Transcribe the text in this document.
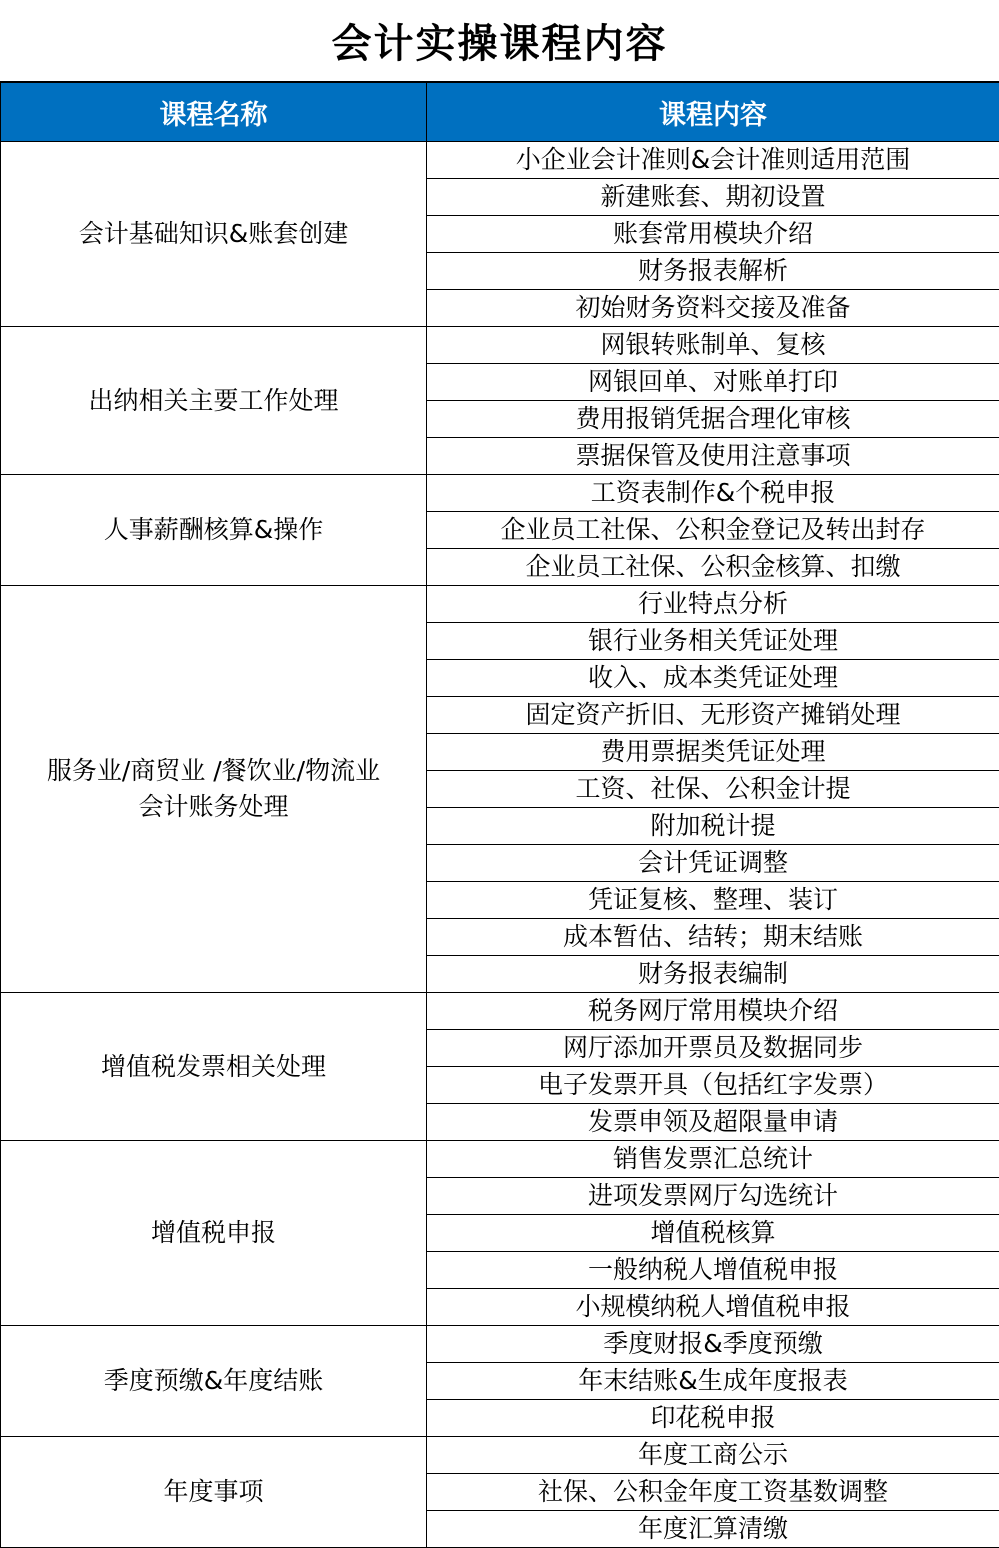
会计实操课程内容
课程名称	课程内容

会计基础知识&账套创建	小企业会计准则&会计准则适用范围
	新建账套、期初设置
	账套常用模块介绍
	财务报表解析
	初始财务资料交接及准备

出纳相关主要工作处理	网银转账制单、复核
	网银回单、对账单打印
	费用报销凭据合理化审核
	票据保管及使用注意事项

人事薪酬核算&操作	工资表制作&个税申报
	企业员工社保、公积金登记及转出封存
	企业员工社保、公积金核算、扣缴

服务业/商贸业 /餐饮业/物流业
会计账务处理	行业特点分析
	银行业务相关凭证处理
	收入、成本类凭证处理
	固定资产折旧、无形资产摊销处理
	费用票据类凭证处理
	工资、社保、公积金计提
	附加税计提
	会计凭证调整
	凭证复核、整理、装订
	成本暂估、结转；期末结账
	财务报表编制

增值税发票相关处理	税务网厅常用模块介绍
	网厅添加开票员及数据同步
	电子发票开具（包括红字发票）
	发票申领及超限量申请

增值税申报	销售发票汇总统计
	进项发票网厅勾选统计
	增值税核算
	一般纳税人增值税申报
	小规模纳税人增值税申报

季度预缴&年度结账	季度财报&季度预缴
	年末结账&生成年度报表
	印花税申报

年度事项	年度工商公示
	社保、公积金年度工资基数调整
	年度汇算清缴
